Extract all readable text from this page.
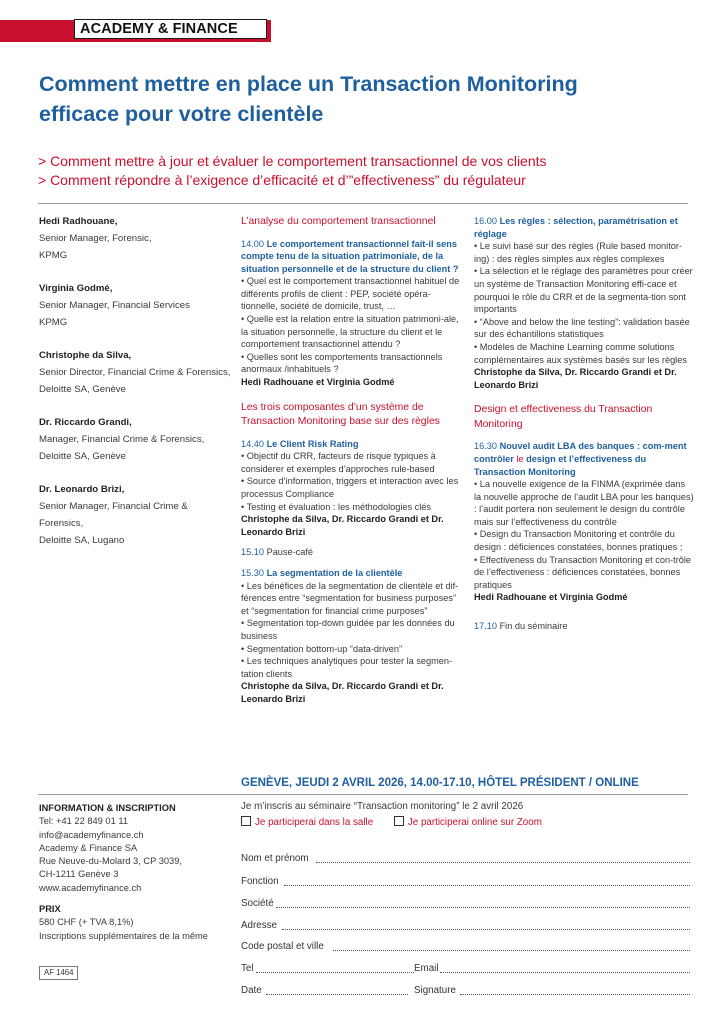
ACADEMY & FINANCE
Comment mettre en place un Transaction Monitoring
efficace pour votre clientèle
> Comment mettre à jour et évaluer le comportement transactionnel de vos clients
> Comment répondre à l’exigence d’efficacité et d’”effectiveness” du régulateur
Hedi Radhouane,
Senior Manager, Forensic,
KPMG
Virginia Godmé,
Senior Manager, Financial Services
KPMG
Christophe da Silva,
Senior Director, Financial Crime & Forensics,
Deloitte SA, Genève
Dr. Riccardo Grandi,
Manager, Financial Crime & Forensics,
Deloitte SA, Genève
Dr. Leonardo Brizi,
Senior Manager, Financial Crime & Forensics,
Deloitte SA, Lugano
L’analyse du comportement transactionnel
14.00 Le comportement transactionnel fait-il sens compte tenu de la situation patrimoniale, de la situation personnelle et de la structure du client ?
• Quel est le comportement transactionnel habituel de différents profils de client : PEP, société opéra-tionnelle, société de domicile, trust, …
• Quelle est la relation entre la situation patrimoni-ale, la situation personnelle, la structure du client et le comportement transactionnel attendu ?
• Quelles sont les comportements transactionnels anormaux /inhabituels ?
Hedi Radhouane et Virginia Godmé
Les trois composantes d’un système de Transaction Monitoring base sur des règles
14.40 Le Client Risk Rating
• Objectif du CRR, facteurs de risque typiques à considerer et exemples d’approches rule-based
• Source d’information, triggers et interaction avec les processus Compliance
• Testing et évaluation : les méthodologies clés
Christophe da Silva, Dr. Riccardo Grandi et Dr. Leonardo Brizi
15.10 Pause-café
15.30 La segmentation de la clientèle
• Les bénéfices de la segmentation de clientèle et dif-férences entre “segmentation for business purposes” et “segmentation for financial crime purposes”
• Segmentation top-down guidée par les données du business
• Segmentation bottom-up “data-driven”
• Les techniques analytiques pour tester la segmen-tation clients
Christophe da Silva, Dr. Riccardo Grandi et Dr. Leonardo Brizi
16.00 Les règles : sélection, paramétrisation et réglage
• Le suivi basé sur des règles (Rule based monitor-ing) : des règles simples aux règles complexes
• La sélection et le réglage des paramètres pour créer un système de Transaction Monitoring effi-cace et pourquoi le rôle du CRR et de la segmenta-tion sont importants
• “Above and below the line testing”: validation basée sur des échantillons statistiques
• Modèles de Machine Learning comme solutions complémentaires aux systèmes basés sur les règles
Christophe da Silva, Dr. Riccardo Grandi et Dr. Leonardo Brizi
Design et effectiveness du Transaction Monitoring
16.30 Nouvel audit LBA des banques : com-ment contrôler le design et l’effectiveness du Transaction Monitoring
• La nouvelle exigence de la FINMA (exprimée dans la nouvelle approche de l’audit LBA pour les banques) : l’audit portera non seulement le design du contrôle mais sur l’effectiveness du contrôle
• Design du Transaction Monitoring et contrôle du design : déficiences constatées, bonnes pratiques ;
• Effectiveness du Transaction Monitoring et con-trôle de l’effectiveness : déficiences constatées, bonnes pratiques
Hedi Radhouane et Virginia Godmé
17.10 Fin du séminaire
GENÈVE, JEUDI 2 AVRIL 2026, 14.00-17.10, HÔTEL PRÉSIDENT / ONLINE
INFORMATION & INSCRIPTION
Tel: +41 22 849 01 11
info@academyfinance.ch
Academy & Finance SA
Rue Neuve-du-Molard 3, CP 3039,
CH-1211 Genève 3
www.academyfinance.ch
PRIX
580 CHF (+ TVA 8,1%)
Inscriptions supplémentaires de la même
AF 1464
Je m’inscris au séminaire “Transaction monitoring” le 2 avril 2026
Je participerai dans la salle	Je participerai online sur Zoom
Nom et prénom
Fonction
Société
Adresse
Code postal et ville
Tel	Email
Date	Signature
